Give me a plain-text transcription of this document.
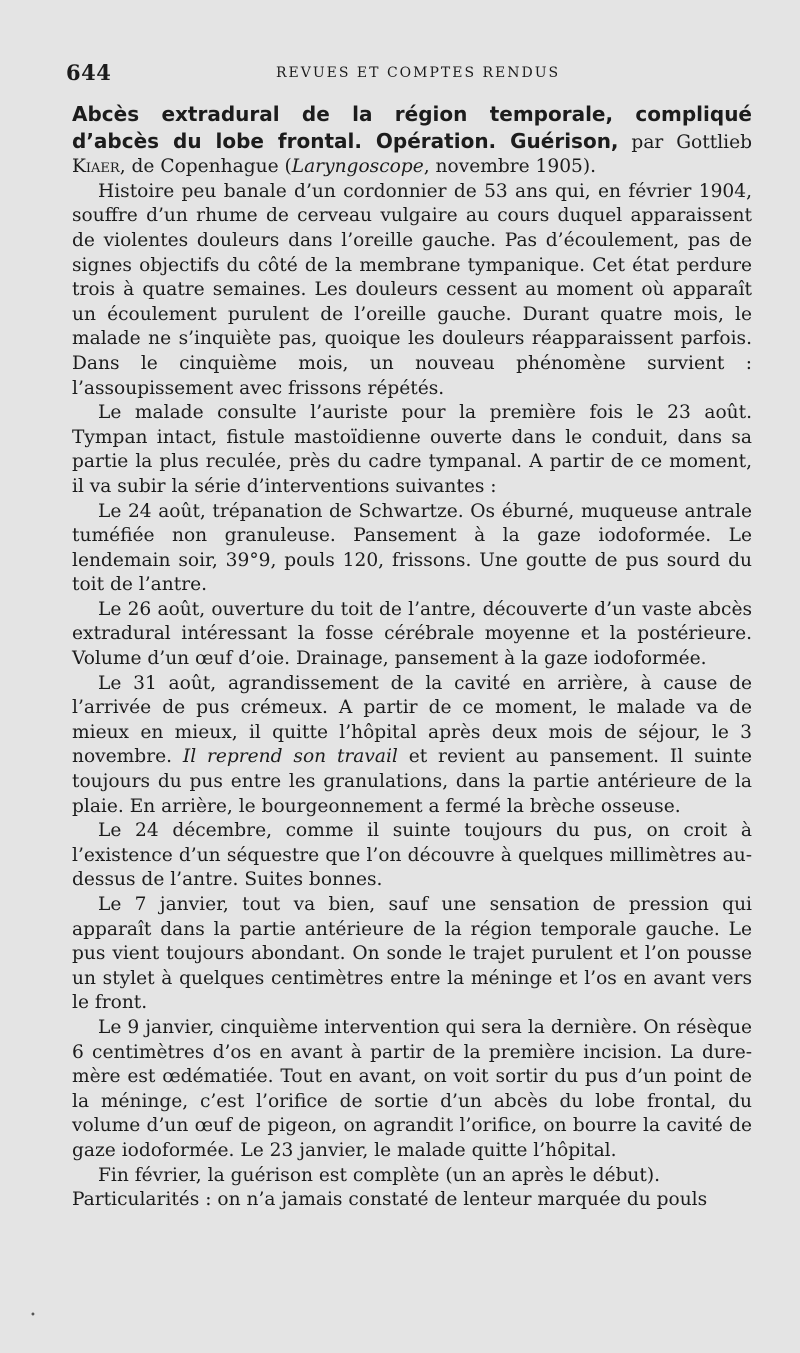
644	REVUES ET COMPTES RENDUS

Abcès extradural de la région temporale, compliqué d’abcès du lobe frontal. Opération. Guérison, par Gottlieb Kiaer, de Copenhague (Laryngoscope, novembre 1905).

Histoire peu banale d’un cordonnier de 53 ans qui, en février 1904, souffre d’un rhume de cerveau vulgaire au cours duquel apparaissent de violentes douleurs dans l’oreille gauche. Pas d’écoulement, pas de signes objectifs du côté de la membrane tympanique. Cet état perdure trois à quatre semaines. Les douleurs cessent au moment où apparaît un écoulement purulent de l’oreille gauche. Durant quatre mois, le malade ne s’inquiète pas, quoique les douleurs réapparaissent parfois. Dans le cinquième mois, un nouveau phénomène survient : l’assoupissement avec frissons répétés.

Le malade consulte l’auriste pour la première fois le 23 août. Tympan intact, fistule mastoïdienne ouverte dans le conduit, dans sa partie la plus reculée, près du cadre tympanal. A partir de ce moment, il va subir la série d’interventions suivantes :

Le 24 août, trépanation de Schwartze. Os éburné, muqueuse antrale tuméfiée non granuleuse. Pansement à la gaze iodoformée. Le lendemain soir, 39°9, pouls 120, frissons. Une goutte de pus sourd du toit de l’antre.

Le 26 août, ouverture du toit de l’antre, découverte d’un vaste abcès extradural intéressant la fosse cérébrale moyenne et la postérieure. Volume d’un œuf d’oie. Drainage, pansement à la gaze iodoformée.

Le 31 août, agrandissement de la cavité en arrière, à cause de l’arrivée de pus crémeux. A partir de ce moment, le malade va de mieux en mieux, il quitte l’hôpital après deux mois de séjour, le 3 novembre. Il reprend son travail et revient au pansement. Il suinte toujours du pus entre les granulations, dans la partie antérieure de la plaie. En arrière, le bourgeonnement a fermé la brèche osseuse.

Le 24 décembre, comme il suinte toujours du pus, on croit à l’existence d’un séquestre que l’on découvre à quelques millimètres au-dessus de l’antre. Suites bonnes.

Le 7 janvier, tout va bien, sauf une sensation de pression qui apparaît dans la partie antérieure de la région temporale gauche. Le pus vient toujours abondant. On sonde le trajet purulent et l’on pousse un stylet à quelques centimètres entre la méninge et l’os en avant vers le front.

Le 9 janvier, cinquième intervention qui sera la dernière. On résèque 6 centimètres d’os en avant à partir de la première incision. La dure-mère est œdématiée. Tout en avant, on voit sortir du pus d’un point de la méninge, c’est l’orifice de sortie d’un abcès du lobe frontal, du volume d’un œuf de pigeon, on agrandit l’orifice, on bourre la cavité de gaze iodoformée. Le 23 janvier, le malade quitte l’hôpital.

Fin février, la guérison est complète (un an après le début).

Particularités : on n’a jamais constaté de lenteur marquée du pouls

•
